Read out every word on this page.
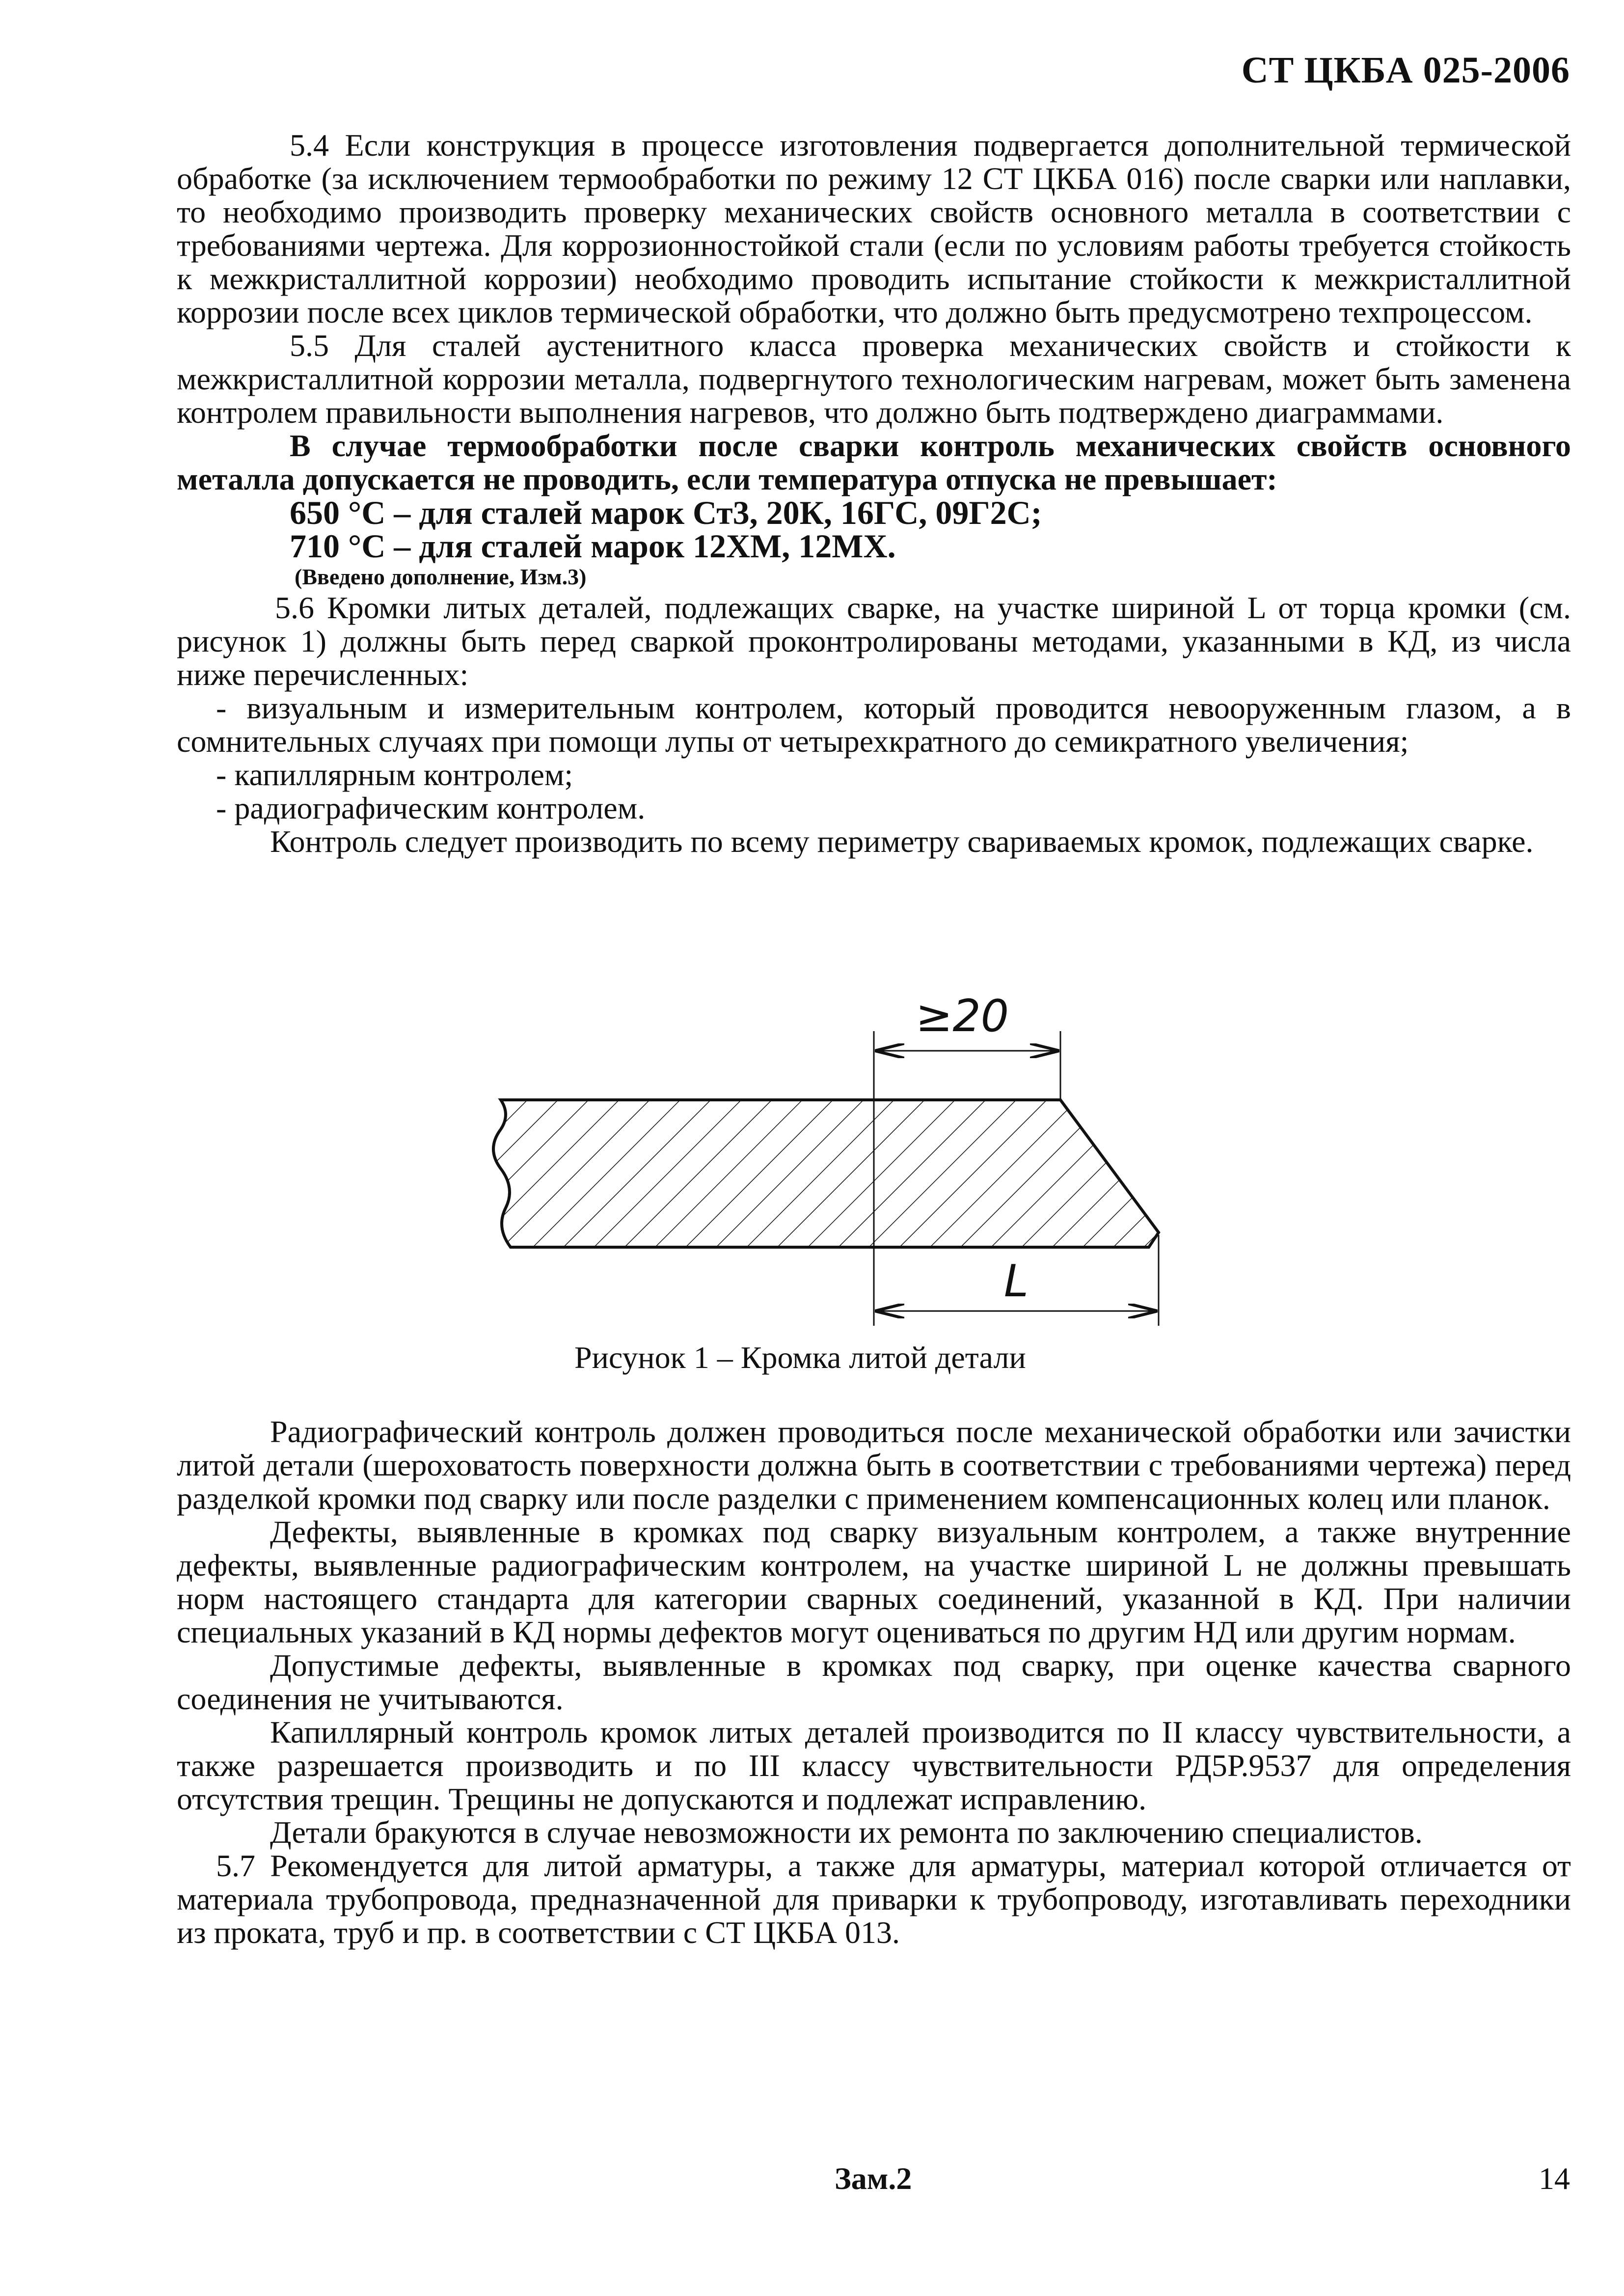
СТ ЦКБА 025-2006

5.4 Если конструкция в процессе изготовления подвергается дополнительной термической обработке (за исключением термообработки по режиму 12 СТ ЦКБА 016) после сварки или наплавки, то необходимо производить проверку механических свойств основного металла в соответствии с требованиями чертежа. Для коррозионностойкой стали (если по условиям работы требуется стойкость к межкристаллитной коррозии) необходимо проводить испытание стойкости к межкристаллитной коррозии после всех циклов термической обработки, что должно быть предусмотрено техпроцессом.

5.5 Для сталей аустенитного класса проверка механических свойств и стойкости к межкристаллитной коррозии металла, подвергнутого технологическим нагревам, может быть заменена контролем правильности выполнения нагревов, что должно быть подтверждено диаграммами.

В случае термообработки после сварки контроль механических свойств основного металла допускается не проводить, если температура отпуска не превышает:

650 °С – для сталей марок Ст3, 20К, 16ГС, 09Г2С;
710 °С – для сталей марок 12ХМ, 12МХ.
(Введено дополнение, Изм.3)

5.6 Кромки литых деталей, подлежащих сварке, на участке шириной L от торца кромки (см. рисунок 1) должны быть перед сваркой проконтролированы методами, указанными в КД, из числа ниже перечисленных:

- визуальным и измерительным контролем, который проводится невооруженным глазом, а в сомнительных случаях при помощи лупы от четырехкратного до семикратного увеличения;

- капиллярным контролем;

- радиографическим контролем.

Контроль следует производить по всему периметру свариваемых кромок, подлежащих сварке.

≥20
L
Рисунок 1 – Кромка литой детали

Радиографический контроль должен проводиться после механической обработки или зачистки литой детали (шероховатость поверхности должна быть в соответствии с требованиями чертежа) перед разделкой кромки под сварку или после разделки с применением компенсационных колец или планок.

Дефекты, выявленные в кромках под сварку визуальным контролем, а также внутренние дефекты, выявленные радиографическим контролем, на участке шириной L не должны превышать норм настоящего стандарта для категории сварных соединений, указанной в КД. При наличии специальных указаний в КД нормы дефектов могут оцениваться по другим НД или другим нормам.

Допустимые дефекты, выявленные в кромках под сварку, при оценке качества сварного соединения не учитываются.

Капиллярный контроль кромок литых деталей производится по II классу чувствительности, а также разрешается производить и по III классу чувствительности РД5Р.9537 для определения отсутствия трещин. Трещины не допускаются и подлежат исправлению.

Детали бракуются в случае невозможности их ремонта по заключению специалистов.

5.7 Рекомендуется для литой арматуры, а также для арматуры, материал которой отличается от материала трубопровода, предназначенной для приварки к трубопроводу, изготавливать переходники из проката, труб и пр. в соответствии с СТ ЦКБА 013.

Зам.2	14
